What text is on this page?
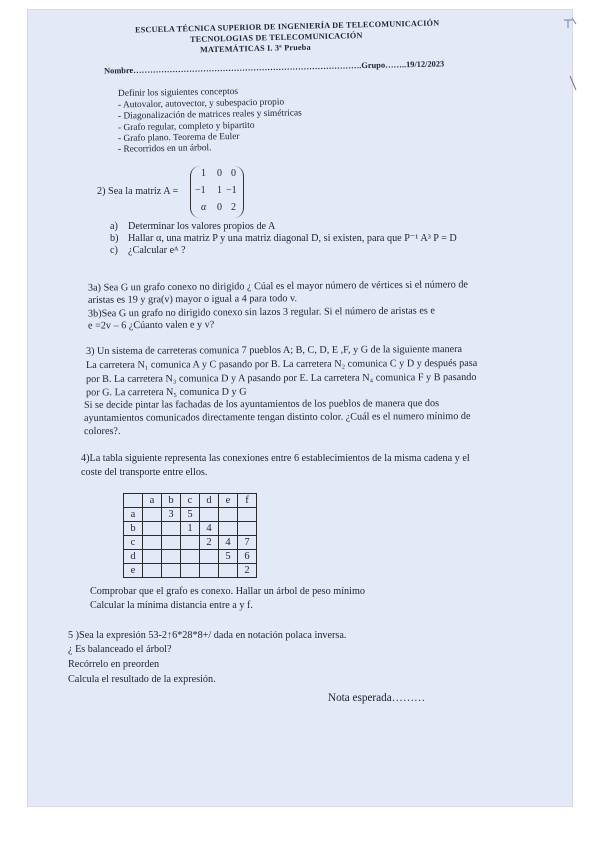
ESCUELA TÉCNICA SUPERIOR DE INGENIERÍA DE TELECOMUNICACIÓN
TECNOLOGIAS DE TELECOMUNICACIÓN
MATEMÁTICAS I. 3ª Prueba
Nombre……………………………………………………………………….Grupo……..19/12/2023
Definir los siguientes conceptos
- Autovalor, autovector, y subespacio propio
- Diagonalización de matrices reales y simétricas
- Grafo regular, completo y bipartito
- Grafo plano. Teorema de Euler
- Recorridos en un árbol.
2) Sea la matriz A =
1 0 0
−1 1 −1
α 0 2
a) Determinar los valores propios de A
b) Hallar α, una matriz P y una matriz diagonal D, si existen, para que P⁻¹ A³ P = D
c) ¿Calcular eᴬ ?
3a) Sea G un grafo conexo no dirigido ¿ Cúal es el mayor número de vértices si el número de
aristas es 19 y gra(v) mayor o igual a 4 para todo v.
3b)Sea G un grafo no dirigido conexo sin lazos 3 regular. Si el número de aristas es e
e =2v – 6 ¿Cúanto valen e y v?
3) Un sistema de carreteras comunica 7 pueblos A; B, C, D, E ,F, y G de la siguiente manera
La carretera N₁ comunica A y C pasando por B. La carretera N₂ comunica C y D y después pasa
por B. La carretera N₃ comunica D y A pasando por E. La carretera N₄ comunica F y B pasando
por G. La carretera N₅ comunica D y G
Si se decide pintar las fachadas de los ayuntamientos de los pueblos de manera que dos
ayuntamientos comunicados directamente tengan distinto color. ¿Cuál es el numero mínimo de
colores?.
4)La tabla siguiente representa las conexiones entre 6 establecimientos de la misma cadena y el
coste del transporte entre ellos.
	a	b	c	d	e	f
a		3	5			
b			1	4		
c				2	4	7
d					5	6
e						2
Comprobar que el grafo es conexo. Hallar un árbol de peso mínimo
Calcular la mínima distancia entre a y f.
5 )Sea la expresión 53-2↑6*28*8+/ dada en notación polaca inversa.
¿ Es balanceado el árbol?
Recórrelo en preorden
Calcula el resultado de la expresión.
Nota esperada………
